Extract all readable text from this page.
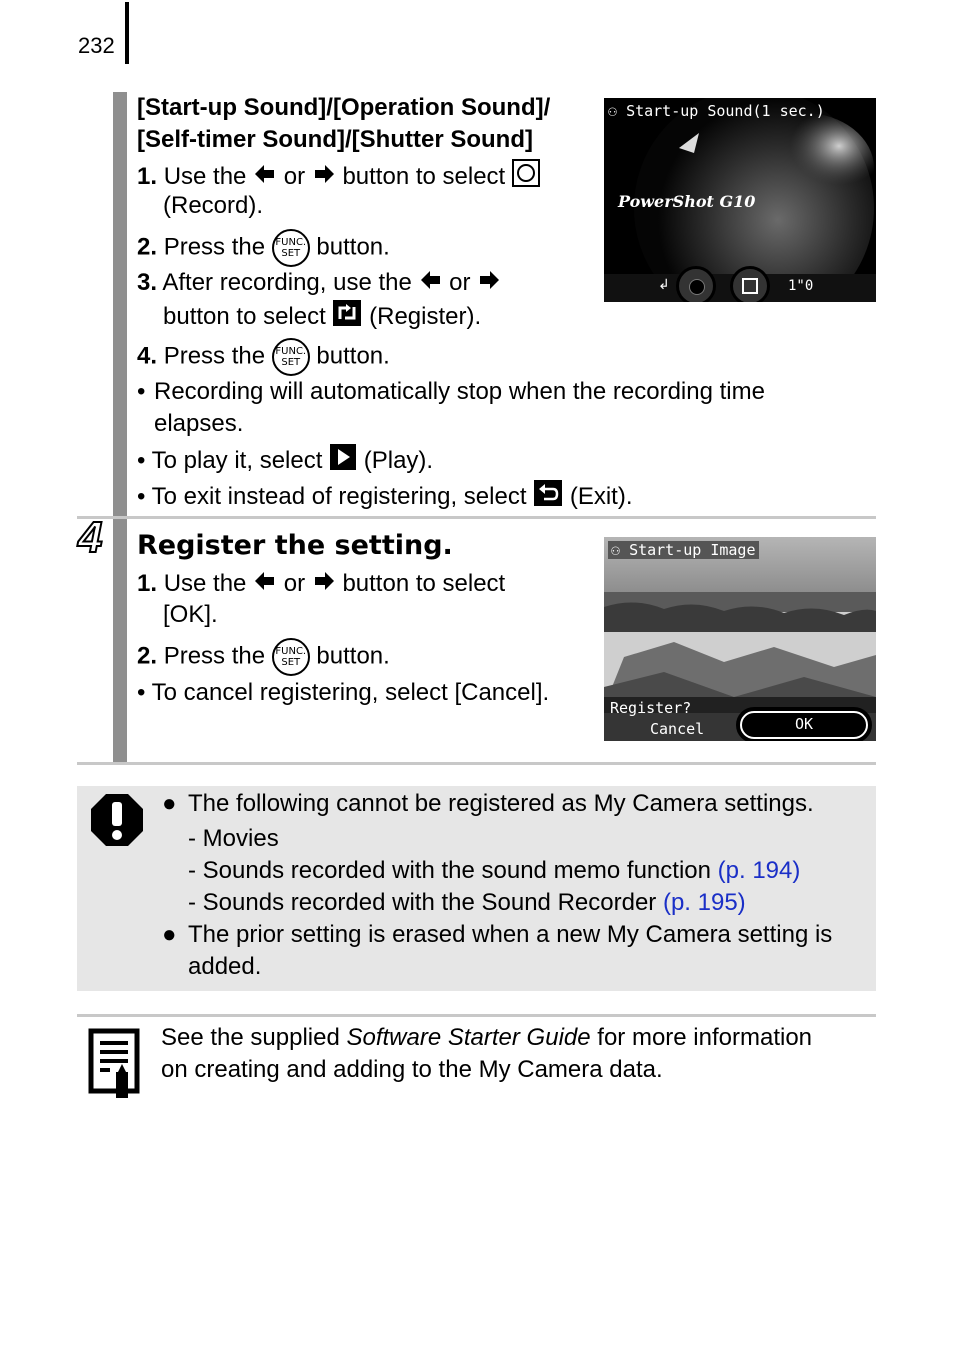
232
[Start-up Sound]/[Operation Sound]/
[Self-timer Sound]/[Shutter Sound]
1. Use the or button to select
(Record).
2. Press the FUNC.
SET button.
3. After recording, use the or
button to select (Register).
4. Press the FUNC.
SET button.
• Recording will automatically stop when the recording time
elapses.
• To play it, select (Play).
• To exit instead of registering, select (Exit).
⚇ Start-up Sound(1 sec.)
PowerShot G10
↲	1"0
4 Register the setting.
1. Use the or button to select
[OK].
2. Press the FUNC.
SET button.
• To cancel registering, select [Cancel].
⚇ Start-up Image
Register?
Cancel	OK
● The following cannot be registered as My Camera settings.
- Movies
- Sounds recorded with the sound memo function (p. 194)
- Sounds recorded with the Sound Recorder (p. 195)
● The prior setting is erased when a new My Camera setting is
added.
See the supplied Software Starter Guide for more information
on creating and adding to the My Camera data.
